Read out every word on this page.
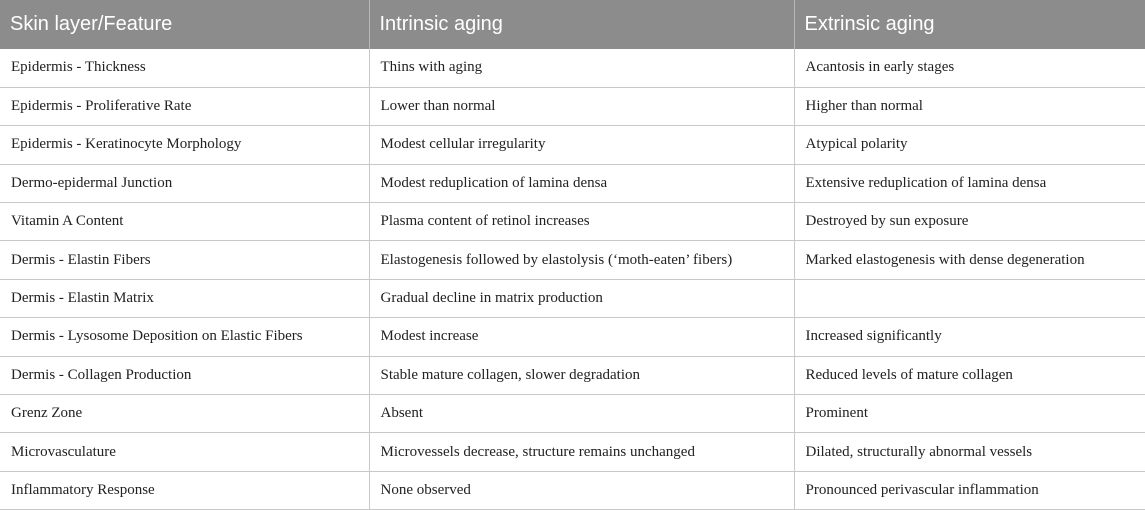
Skin layer/Feature	Intrinsic aging	Extrinsic aging
Epidermis - Thickness	Thins with aging	Acantosis in early stages
Epidermis - Proliferative Rate	Lower than normal	Higher than normal
Epidermis - Keratinocyte Morphology	Modest cellular irregularity	Atypical polarity
Dermo-epidermal Junction	Modest reduplication of lamina densa	Extensive reduplication of lamina densa
Vitamin A Content	Plasma content of retinol increases	Destroyed by sun exposure
Dermis - Elastin Fibers	Elastogenesis followed by elastolysis (‘moth-eaten’ fibers)	Marked elastogenesis with dense degeneration
Dermis - Elastin Matrix	Gradual decline in matrix production	
Dermis - Lysosome Deposition on Elastic Fibers	Modest increase	Increased significantly
Dermis - Collagen Production	Stable mature collagen, slower degradation	Reduced levels of mature collagen
Grenz Zone	Absent	Prominent
Microvasculature	Microvessels decrease, structure remains unchanged	Dilated, structurally abnormal vessels
Inflammatory Response	None observed	Pronounced perivascular inflammation
